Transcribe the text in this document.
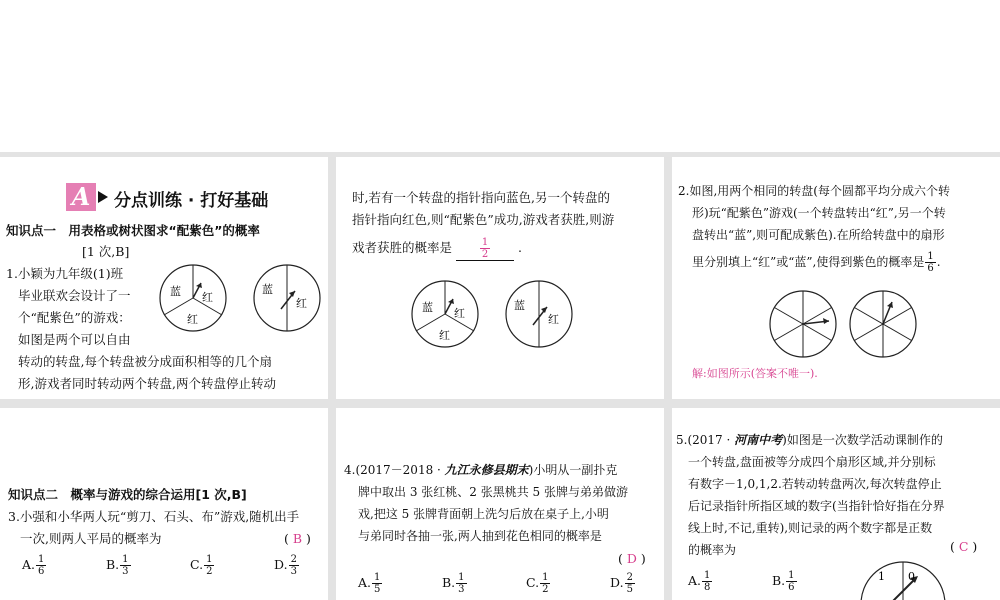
A	分点训练 · 打好基础
知识点一　用表格或树状图求“配紫色”的概率
[1 次,B]
1.小颖为九年级(1)班
毕业联欢会设计了一
个“配紫色”的游戏：
如图是两个可以自由
转动的转盘,每个转盘被分成面积相等的几个扇
形,游戏者同时转动两个转盘,两个转盘停止转动
蓝 红
红
蓝
红
时,若有一个转盘的指针指向蓝色,另一个转盘的
指针指向红色,则“配紫色”成功,游戏者获胜,则游
戏者获胜的概率是	$\frac{1}{2}$ .
蓝 红
红
蓝
红
2.如图,用两个相同的转盘(每个圆都平均分成六个转
形)玩“配紫色”游戏(一个转盘转出“红”,另一个转
盘转出“蓝”,则可配成紫色).在所给转盘中的扇形
里分别填上“红”或“蓝”,使得到紫色的概率是 $\frac{1}{6}$ .
解:如图所示(答案不唯一).
知识点二　概率与游戏的综合运用[1 次,B]
3.小强和小华两人玩“剪刀、石头、布”游戏,随机出手
一次,则两人平局的概率为	( B )
A. $\frac{1}{6}$	B. $\frac{1}{3}$	C. $\frac{1}{2}$	D. $\frac{2}{3}$
4.(2017－2018 · 九江永修县期末)小明从一副扑克
牌中取出 3 张红桃、2 张黑桃共 5 张牌与弟弟做游
戏,把这 5 张牌背面朝上洗匀后放在桌子上,小明
与弟同时各抽一张,两人抽到花色相同的概率是
( D )
A. $\frac{1}{5}$	B. $\frac{1}{3}$	C. $\frac{1}{2}$	D. $\frac{2}{5}$
5.(2017 · 河南中考)如图是一次数学活动课制作的
一个转盘,盘面被等分成四个扇形区域,并分别标
有数字－1,0,1,2.若转动转盘两次,每次转盘停止
后记录指针所指区域的数字(当指针恰好指在分界
线上时,不记,重转),则记录的两个数字都是正数
的概率为	( C )
A. $\frac{1}{8}$	B. $\frac{1}{6}$	1 0
